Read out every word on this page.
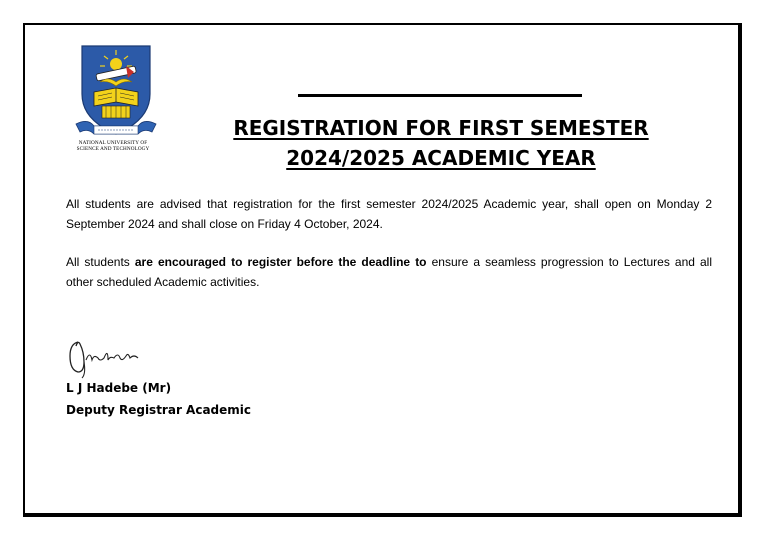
NATIONAL UNIVERSITY OF
SCIENCE AND TECHNOLOGY
REGISTRATION FOR FIRST SEMESTER
2024/2025 ACADEMIC YEAR

All students are advised that registration for the first semester 2024/2025 Academic year, shall open on Monday 2 September 2024 and shall close on Friday 4 October, 2024.

All students are encouraged to register before the deadline to ensure a seamless progression to Lectures and all other scheduled Academic activities.

L J Hadebe (Mr)
Deputy Registrar Academic
